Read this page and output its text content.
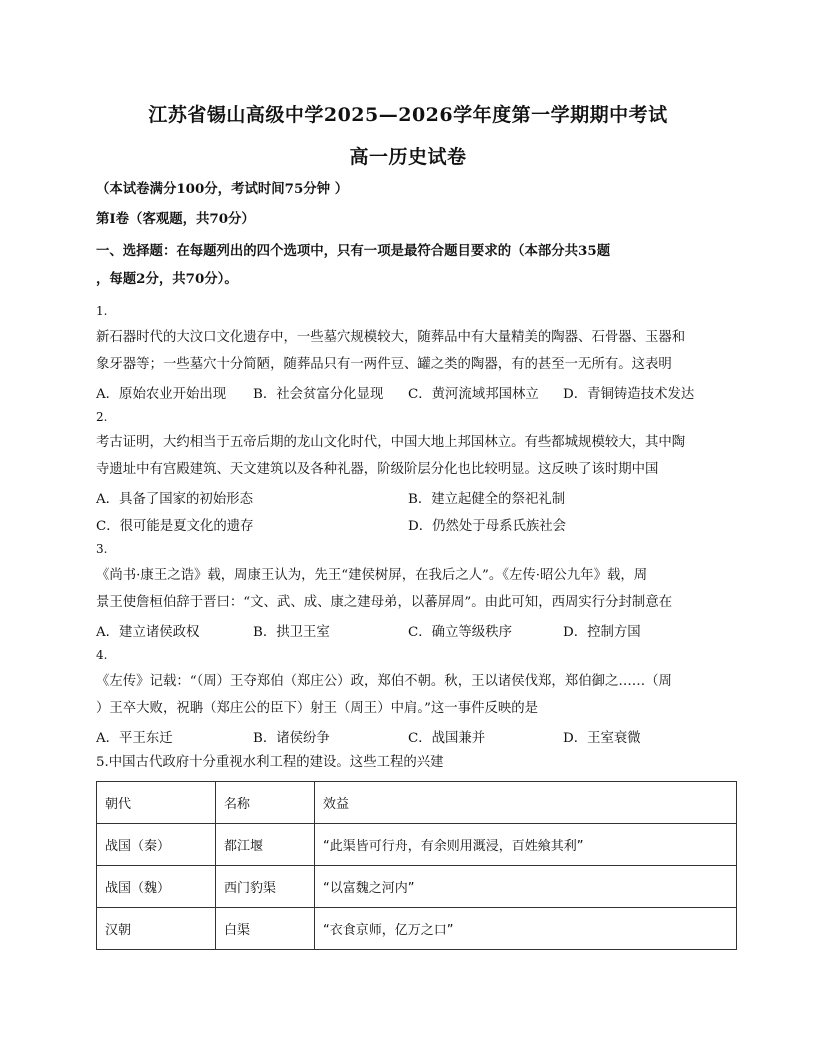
江苏省锡山高级中学2025—2026学年度第一学期期中考试
高一历史试卷
（本试卷满分100分，考试时间75分钟 ）
第Ⅰ卷（客观题，共70分）
一、选择题：在每题列出的四个选项中，只有一项是最符合题目要求的（本部分共35题
，每题2分，共70分）。
1.
新石器时代的大汶口文化遗存中，一些墓穴规模较大，随葬品中有大量精美的陶器、石骨器、玉器和
象牙器等；一些墓穴十分简陋，随葬品只有一两件豆、罐之类的陶器，有的甚至一无所有。这表明
A．原始农业开始出现 B．社会贫富分化显现 C．黄河流域邦国林立 D．青铜铸造技术发达
2.
考古证明，大约相当于五帝后期的龙山文化时代，中国大地上邦国林立。有些都城规模较大，其中陶
寺遗址中有宫殿建筑、天文建筑以及各种礼器，阶级阶层分化也比较明显。这反映了该时期中国
A．具备了国家的初始形态	B．建立起健全的祭祀礼制
C．很可能是夏文化的遗存	D．仍然处于母系氏族社会
3.
《尚书·康王之诰》载，周康王认为，先王“建侯树屏，在我后之人”。《左传·昭公九年》载，周
景王使詹桓伯辞于晋曰：“文、武、成、康之建母弟，以蕃屏周”。由此可知，西周实行分封制意在
A．建立诸侯政权	B．拱卫王室	C．确立等级秩序	D．控制方国
4.
《左传》记载：“（周）王夺郑伯（郑庄公）政，郑伯不朝。秋，王以诸侯伐郑，郑伯御之……（周
）王卒大败，祝聃（郑庄公的臣下）射王（周王）中肩。”这一事件反映的是
A．平王东迁	B．诸侯纷争	C．战国兼并	D．王室衰微
5.中国古代政府十分重视水利工程的建设。这些工程的兴建
朝代	名称	效益
战国（秦）	都江堰	“此渠皆可行舟，有余则用溉浸，百姓飨其利”
战国（魏）	西门豹渠	“以富魏之河内”
汉朝	白渠	“衣食京师，亿万之口”
